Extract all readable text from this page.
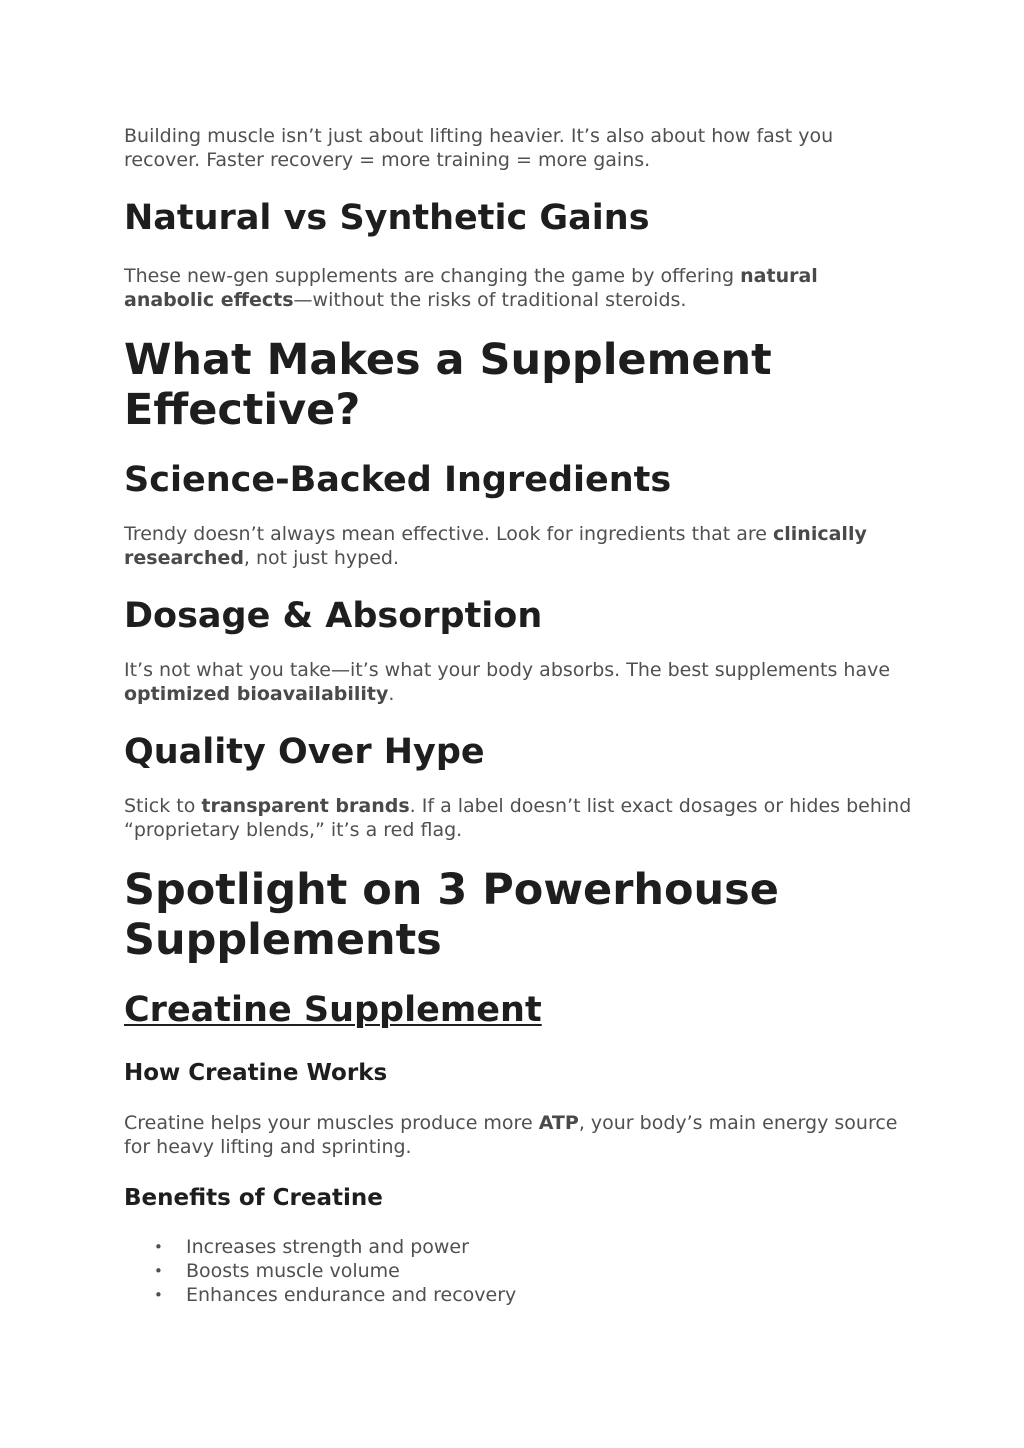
Building muscle isn’t just about lifting heavier. It’s also about how fast you recover. Faster recovery = more training = more gains.

Natural vs Synthetic Gains

These new-gen supplements are changing the game by offering natural anabolic effects—without the risks of traditional steroids.

What Makes a Supplement Effective?
Science-Backed Ingredients

Trendy doesn’t always mean effective. Look for ingredients that are clinically researched, not just hyped.

Dosage & Absorption

It’s not what you take—it’s what your body absorbs. The best supplements have optimized bioavailability.

Quality Over Hype

Stick to transparent brands. If a label doesn’t list exact dosages or hides behind “proprietary blends,” it’s a red flag.

Spotlight on 3 Powerhouse Supplements
Creatine Supplement
How Creatine Works

Creatine helps your muscles produce more ATP, your body’s main energy source for heavy lifting and sprinting.

Benefits of Creatine
• Increases strength and power
• Boosts muscle volume
• Enhances endurance and recovery
